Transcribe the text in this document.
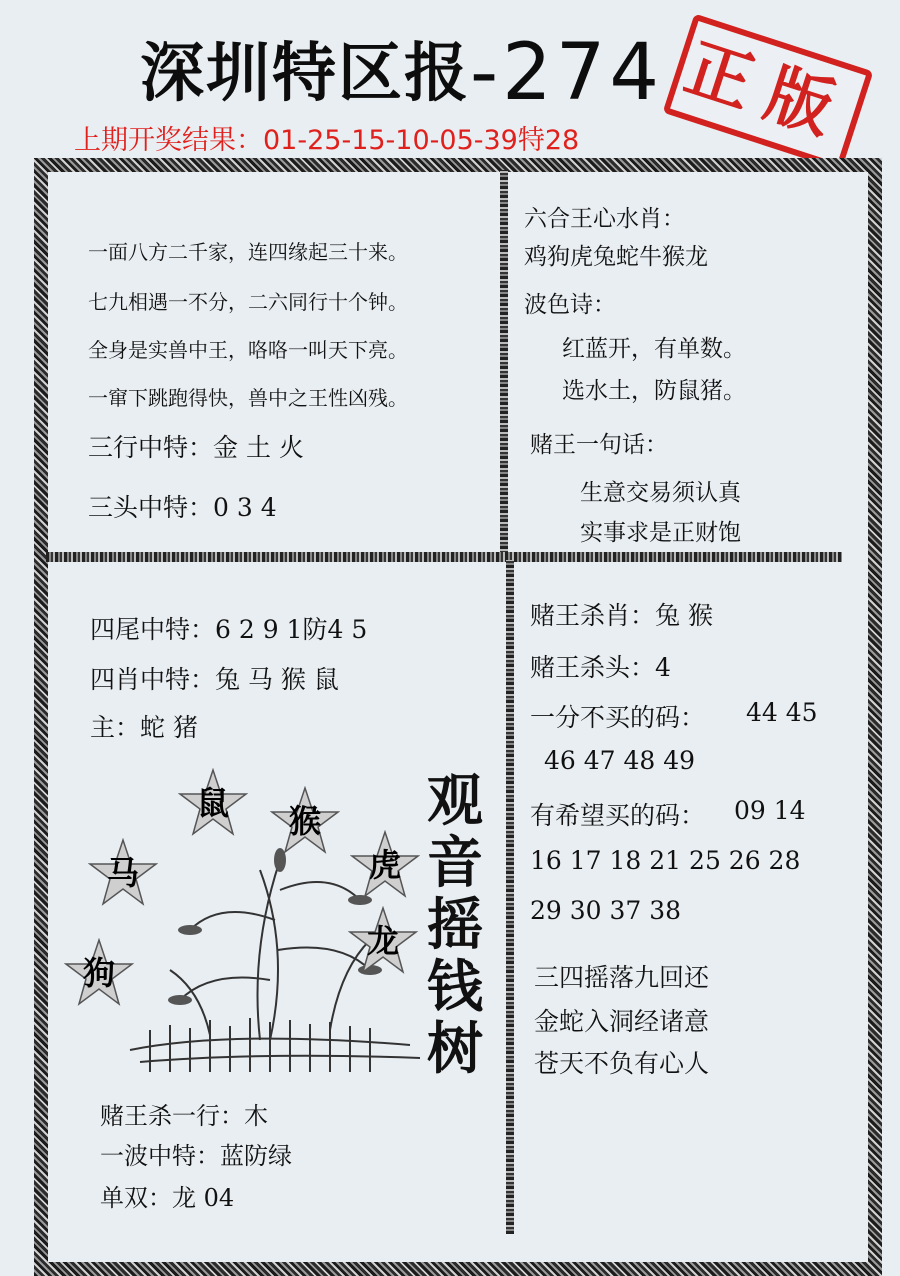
深圳特区报-274 正版
上期开奖结果：01-25-15-10-05-39特28
一面八方二千家，连四缘起三十来。
七九相遇一不分，二六同行十个钟。
全身是实兽中王，咯咯一叫天下亮。
一窜下跳跑得快，兽中之王性凶残。
三行中特：金 土 火
三头中特：0 3 4
六合王心水肖：
鸡狗虎兔蛇牛猴龙
波色诗：
红蓝开，有单数。
选水土，防鼠猪。
赌王一句话：
生意交易须认真
实事求是正财饱
四尾中特：6 2 9 1防4 5
四肖中特：兔 马 猴 鼠
主：蛇 猪
鼠	猴
马	虎
龙
狗
观
音
摇
钱
树
赌王杀一行：木
一波中特：蓝防绿
单双：龙 04
赌王杀肖：兔 猴
赌王杀头：4
一分不买的码： 44 45
46 47 48 49
有希望买的码： 09 14
16 17 18 21 25 26 28
29 30 37 38
三四摇落九回还
金蛇入洞经诸意
苍天不负有心人
